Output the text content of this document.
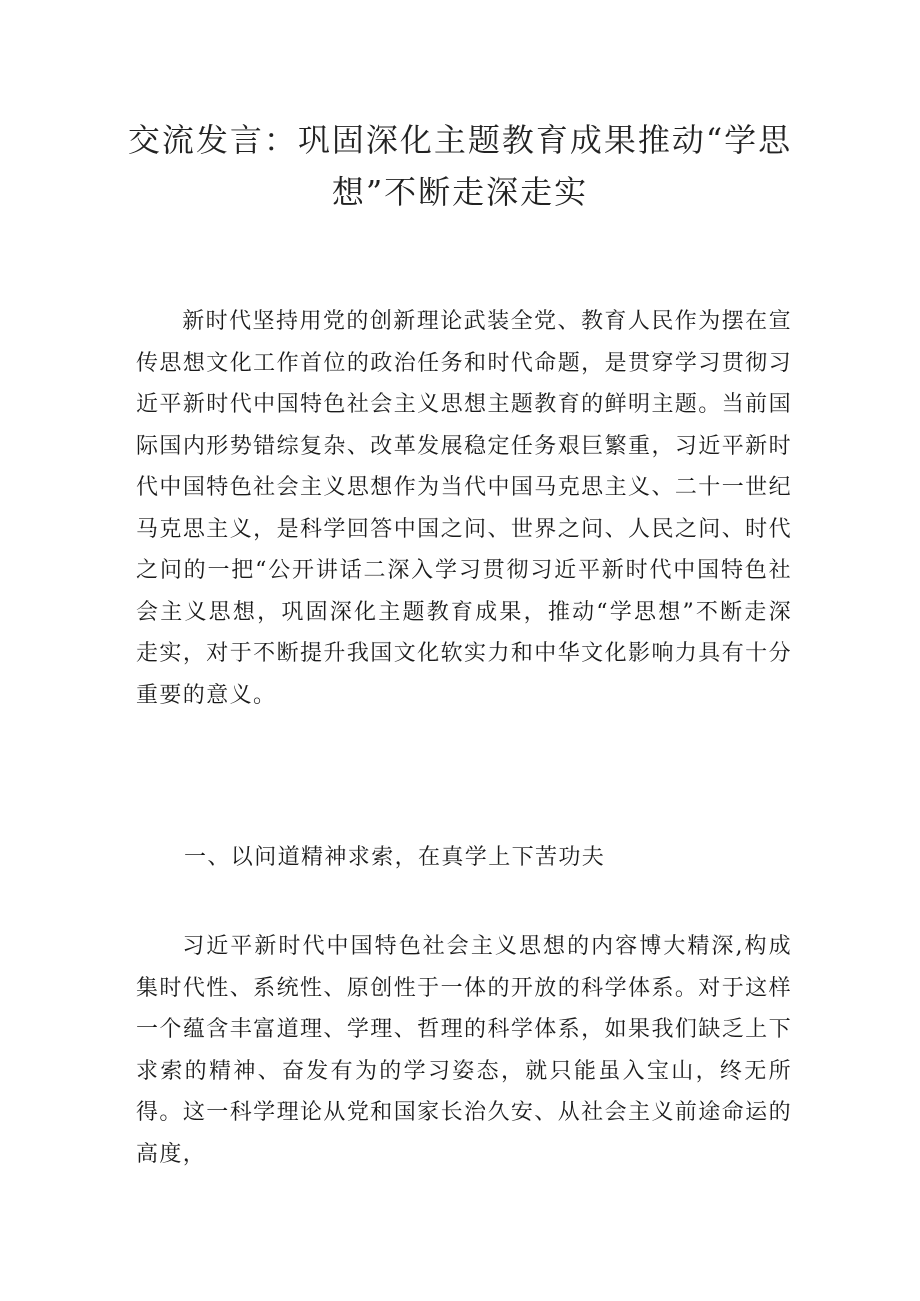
交流发言：巩固深化主题教育成果推动“学思想”不断走深走实

新时代坚持用党的创新理论武装全党、教育人民作为摆在宣传思想文化工作首位的政治任务和时代命题，是贯穿学习贯彻习近平新时代中国特色社会主义思想主题教育的鲜明主题。当前国际国内形势错综复杂、改革发展稳定任务艰巨繁重，习近平新时代中国特色社会主义思想作为当代中国马克思主义、二十一世纪马克思主义，是科学回答中国之问、世界之问、人民之问、时代之问的一把“公开讲话二深入学习贯彻习近平新时代中国特色社会主义思想，巩固深化主题教育成果，推动“学思想”不断走深走实，对于不断提升我国文化软实力和中华文化影响力具有十分重要的意义。

一、以问道精神求索，在真学上下苦功夫

习近平新时代中国特色社会主义思想的内容博大精深,构成集时代性、系统性、原创性于一体的开放的科学体系。对于这样一个蕴含丰富道理、学理、哲理的科学体系，如果我们缺乏上下求索的精神、奋发有为的学习姿态，就只能虽入宝山，终无所得。这一科学理论从党和国家长治久安、从社会主义前途命运的高度，
